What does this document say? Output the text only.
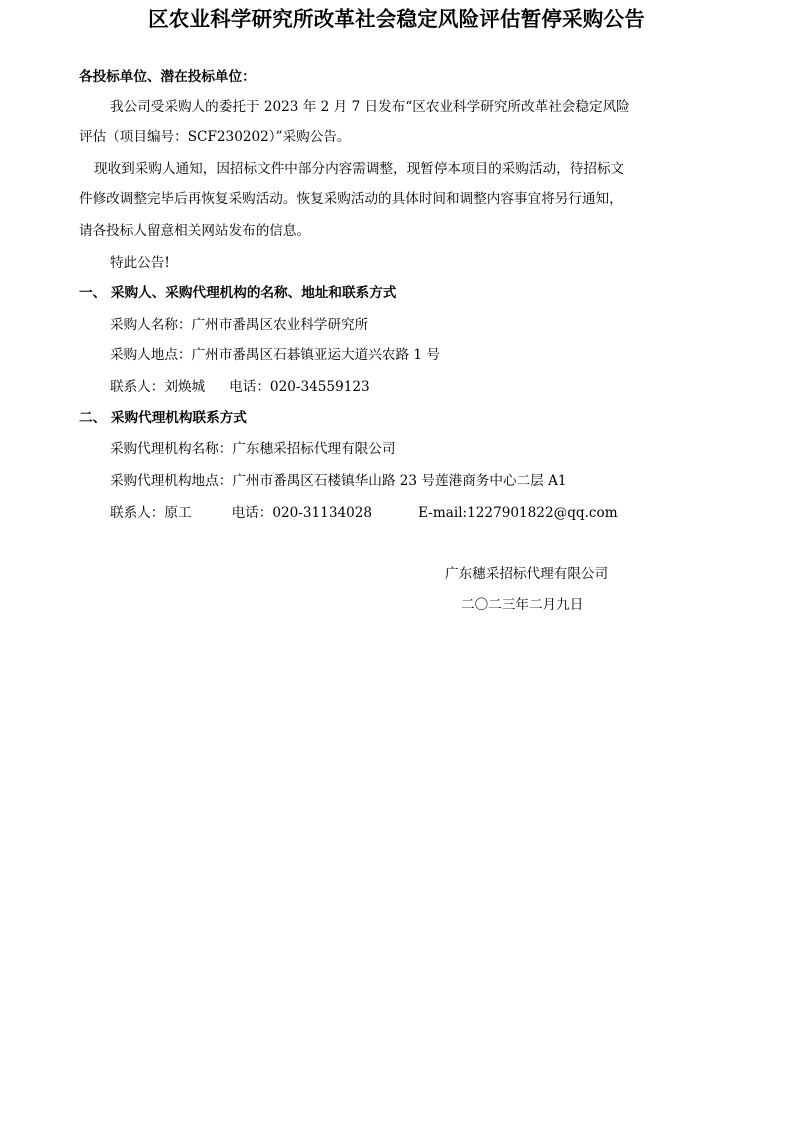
区农业科学研究所改革社会稳定风险评估暂停采购公告
各投标单位、潜在投标单位：
我公司受采购人的委托于 2023 年 2 月 7 日发布“区农业科学研究所改革社会稳定风险
评估（项目编号：SCF230202）”采购公告。
现收到采购人通知，因招标文件中部分内容需调整，现暂停本项目的采购活动，待招标文
件修改调整完毕后再恢复采购活动。恢复采购活动的具体时间和调整内容事宜将另行通知，
请各投标人留意相关网站发布的信息。
特此公告!
一、 采购人、采购代理机构的名称、地址和联系方式
采购人名称：广州市番禺区农业科学研究所
采购人地点：广州市番禺区石碁镇亚运大道兴农路 1 号
联系人：刘焕城 电话：020-34559123
二、 采购代理机构联系方式
采购代理机构名称：广东穗采招标代理有限公司
采购代理机构地点：广州市番禺区石楼镇华山路 23 号莲港商务中心二层 A1
联系人：原工	电话：020-31134028	E-mail:1227901822@qq.com
广东穗采招标代理有限公司
二〇二三年二月九日
